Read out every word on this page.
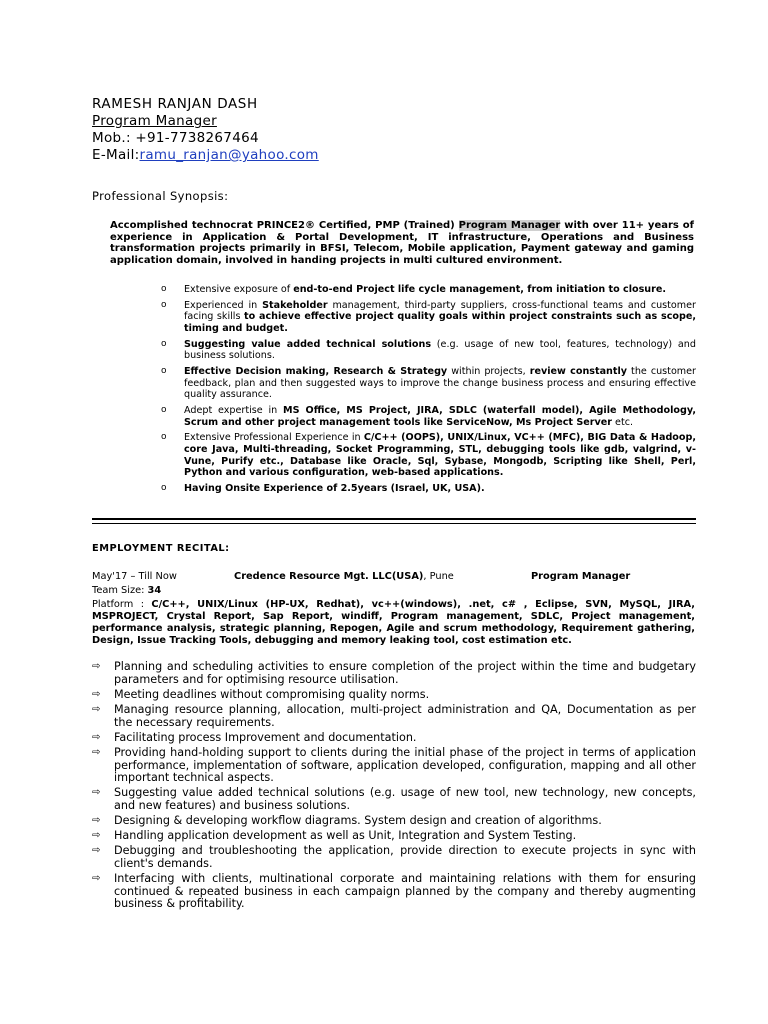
RAMESH RANJAN DASH
Program Manager
Mob.: +91-7738267464
E-Mail:ramu_ranjan@yahoo.com
Professional Synopsis:
Accomplished technocrat PRINCE2® Certified, PMP (Trained) Program Manager with over 11+ years of experience in Application & Portal Development, IT infrastructure, Operations and Business transformation projects primarily in BFSI, Telecom, Mobile application, Payment gateway and gaming application domain, involved in handing projects in multi cultured environment.
o Extensive exposure of end-to-end Project life cycle management, from initiation to closure.
o Experienced in Stakeholder management, third-party suppliers, cross-functional teams and customer facing skills to achieve effective project quality goals within project constraints such as scope, timing and budget.
o Suggesting value added technical solutions (e.g. usage of new tool, features, technology) and business solutions.
o Effective Decision making, Research & Strategy within projects, review constantly the customer feedback, plan and then suggested ways to improve the change business process and ensuring effective quality assurance.
o Adept expertise in MS Office, MS Project, JIRA, SDLC (waterfall model), Agile Methodology, Scrum and other project management tools like ServiceNow, Ms Project Server etc.
o Extensive Professional Experience in C/C++ (OOPS), UNIX/Linux, VC++ (MFC), BIG Data & Hadoop, core Java, Multi-threading, Socket Programming, STL, debugging tools like gdb, valgrind, v-Vune, Purify etc., Database like Oracle, Sql, Sybase, Mongodb, Scripting like Shell, Perl, Python and various configuration, web-based applications.
o Having Onsite Experience of 2.5years (Israel, UK, USA).
EMPLOYMENT RECITAL:
May'17 – Till Now	Credence Resource Mgt. LLC(USA), Pune	Program Manager
Team Size: 34
Platform : C/C++, UNIX/Linux (HP-UX, Redhat), vc++(windows), .net, c# , Eclipse, SVN, MySQL, JIRA, MSPROJECT, Crystal Report, Sap Report, windiff, Program management, SDLC, Project management, performance analysis, strategic planning, Repogen, Agile and scrum methodology, Requirement gathering, Design, Issue Tracking Tools, debugging and memory leaking tool, cost estimation etc.
⇨ Planning and scheduling activities to ensure completion of the project within the time and budgetary parameters and for optimising resource utilisation.
⇨ Meeting deadlines without compromising quality norms.
⇨ Managing resource planning, allocation, multi-project administration and QA, Documentation as per the necessary requirements.
⇨ Facilitating process Improvement and documentation.
⇨ Providing hand-holding support to clients during the initial phase of the project in terms of application performance, implementation of software, application developed, configuration, mapping and all other important technical aspects.
⇨ Suggesting value added technical solutions (e.g. usage of new tool, new technology, new concepts, and new features) and business solutions.
⇨ Designing & developing workflow diagrams. System design and creation of algorithms.
⇨ Handling application development as well as Unit, Integration and System Testing.
⇨ Debugging and troubleshooting the application, provide direction to execute projects in sync with client's demands.
⇨ Interfacing with clients, multinational corporate and maintaining relations with them for ensuring continued & repeated business in each campaign planned by the company and thereby augmenting business & profitability.
